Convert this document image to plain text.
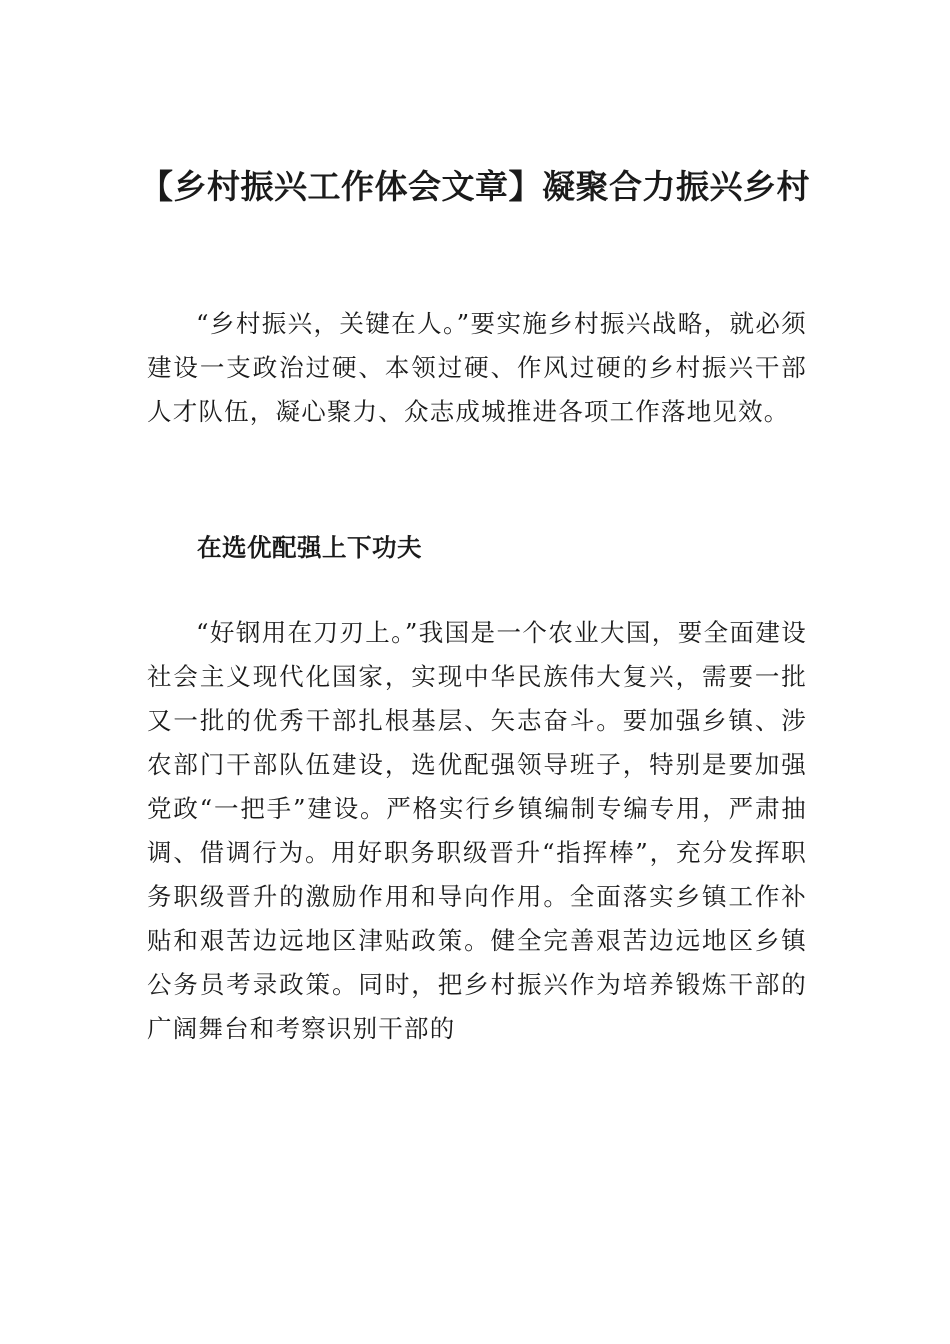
【乡村振兴工作体会文章】凝聚合力振兴乡村

“乡村振兴，关键在人。”要实施乡村振兴战略，就必须建设一支政治过硬、本领过硬、作风过硬的乡村振兴干部人才队伍，凝心聚力、众志成城推进各项工作落地见效。

在选优配强上下功夫

“好钢用在刀刃上。”我国是一个农业大国，要全面建设社会主义现代化国家，实现中华民族伟大复兴，需要一批又一批的优秀干部扎根基层、矢志奋斗。要加强乡镇、涉农部门干部队伍建设，选优配强领导班子，特别是要加强党政“一把手”建设。严格实行乡镇编制专编专用，严肃抽调、借调行为。用好职务职级晋升“指挥棒”，充分发挥职务职级晋升的激励作用和导向作用。全面落实乡镇工作补贴和艰苦边远地区津贴政策。健全完善艰苦边远地区乡镇公务员考录政策。同时，把乡村振兴作为培养锻炼干部的广阔舞台和考察识别干部的
